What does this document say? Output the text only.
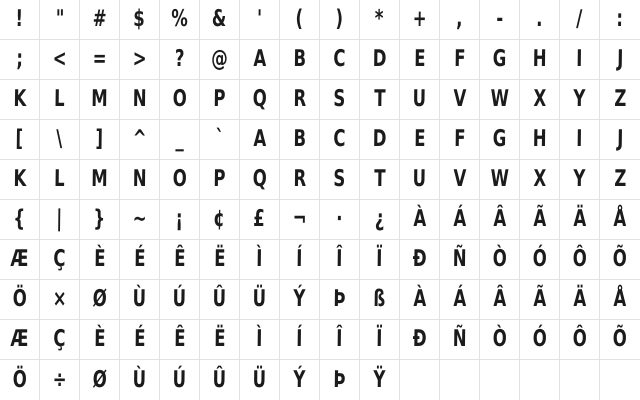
! " # $ % & ' ( ) * + , - . / :
; < = > ? @ A B C D E F G H I J
K L M N O P Q R S T U V W X Y Z
[ \ ] ^ _ ` A B C D E F G H I J
K L M N O P Q R S T U V W X Y Z
{ | } ~ ¡ ¢ £ ¬ · ¿ À Á Â Ã Ä Å
Æ Ç È É Ê Ë Ì Í Î Ï Ð Ñ Ò Ó Ô Õ
Ö × Ø Ù Ú Û Ü Ý Þ ß À Á Â Ã Ä Å
Æ Ç È É Ê Ë Ì Í Î Ï Ð Ñ Ò Ó Ô Õ
Ö ÷ Ø Ù Ú Û Ü Ý Þ Ÿ
